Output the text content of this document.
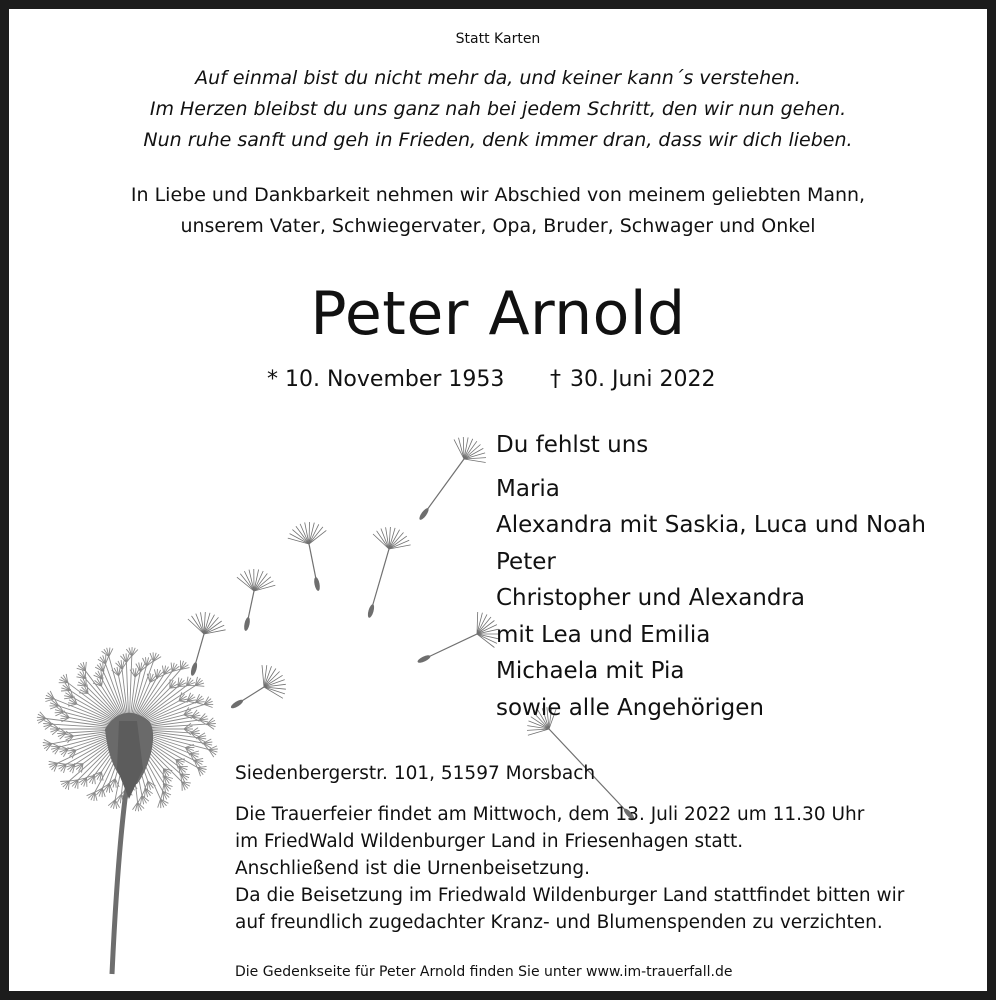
Statt Karten
Auf einmal bist du nicht mehr da, und keiner kann´s verstehen.
Im Herzen bleibst du uns ganz nah bei jedem Schritt, den wir nun gehen.
Nun ruhe sanft und geh in Frieden, denk immer dran, dass wir dich lieben.
In Liebe und Dankbarkeit nehmen wir Abschied von meinem geliebten Mann,
unserem Vater, Schwiegervater, Opa, Bruder, Schwager und Onkel
Peter Arnold
* 10. November 1953 † 30. Juni 2022
Du fehlst uns
Maria
Alexandra mit Saskia, Luca und Noah
Peter
Christopher und Alexandra
mit Lea und Emilia
Michaela mit Pia
sowie alle Angehörigen
Siedenbergerstr. 101, 51597 Morsbach
Die Trauerfeier findet am Mittwoch, dem 13. Juli 2022 um 11.30 Uhr
im FriedWald Wildenburger Land in Friesenhagen statt.
Anschließend ist die Urnenbeisetzung.
Da die Beisetzung im Friedwald Wildenburger Land stattfindet bitten wir
auf freundlich zugedachter Kranz- und Blumenspenden zu verzichten.
Die Gedenkseite für Peter Arnold finden Sie unter www.im-trauerfall.de
